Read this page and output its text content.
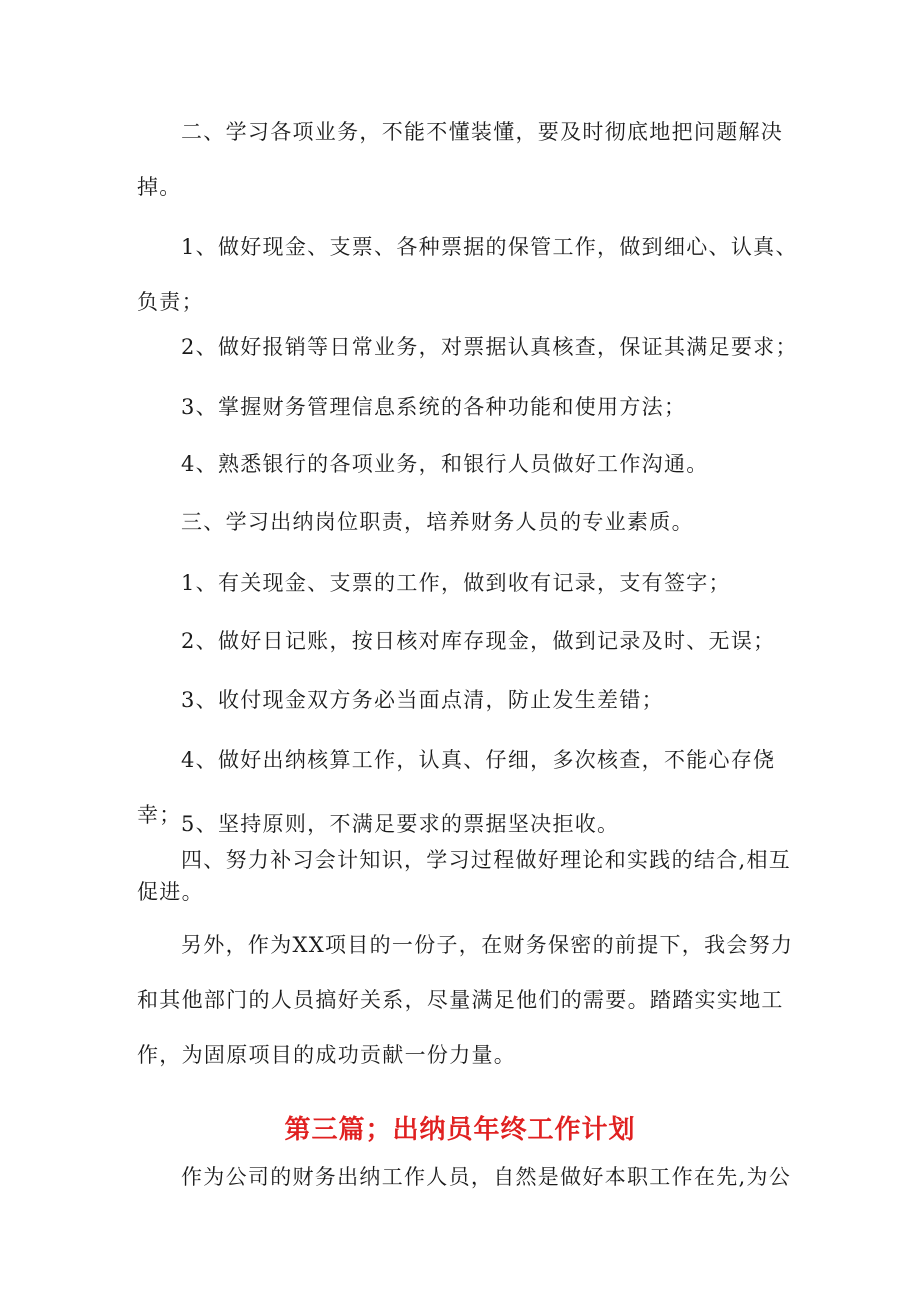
二、学习各项业务，不能不懂装懂，要及时彻底地把问题解决掉。

1、做好现金、支票、各种票据的保管工作，做到细心、认真、负责；

2、做好报销等日常业务，对票据认真核查，保证其满足要求；

3、掌握财务管理信息系统的各种功能和使用方法；

4、熟悉银行的各项业务，和银行人员做好工作沟通。

三、学习出纳岗位职责，培养财务人员的专业素质。

1、有关现金、支票的工作，做到收有记录，支有签字；

2、做好日记账，按日核对库存现金，做到记录及时、无误；

3、收付现金双方务必当面点清，防止发生差错；

4、做好出纳核算工作，认真、仔细，多次核查，不能心存侥幸； 5、坚持原则，不满足要求的票据坚决拒收。

四、努力补习会计知识，学习过程做好理论和实践的结合,相互促进。

另外，作为XX项目的一份子，在财务保密的前提下，我会努力和其他部门的人员搞好关系，尽量满足他们的需要。踏踏实实地工作，为固原项目的成功贡献一份力量。

第三篇；出纳员年终工作计划

作为公司的财务出纳工作人员，自然是做好本职工作在先,为公
